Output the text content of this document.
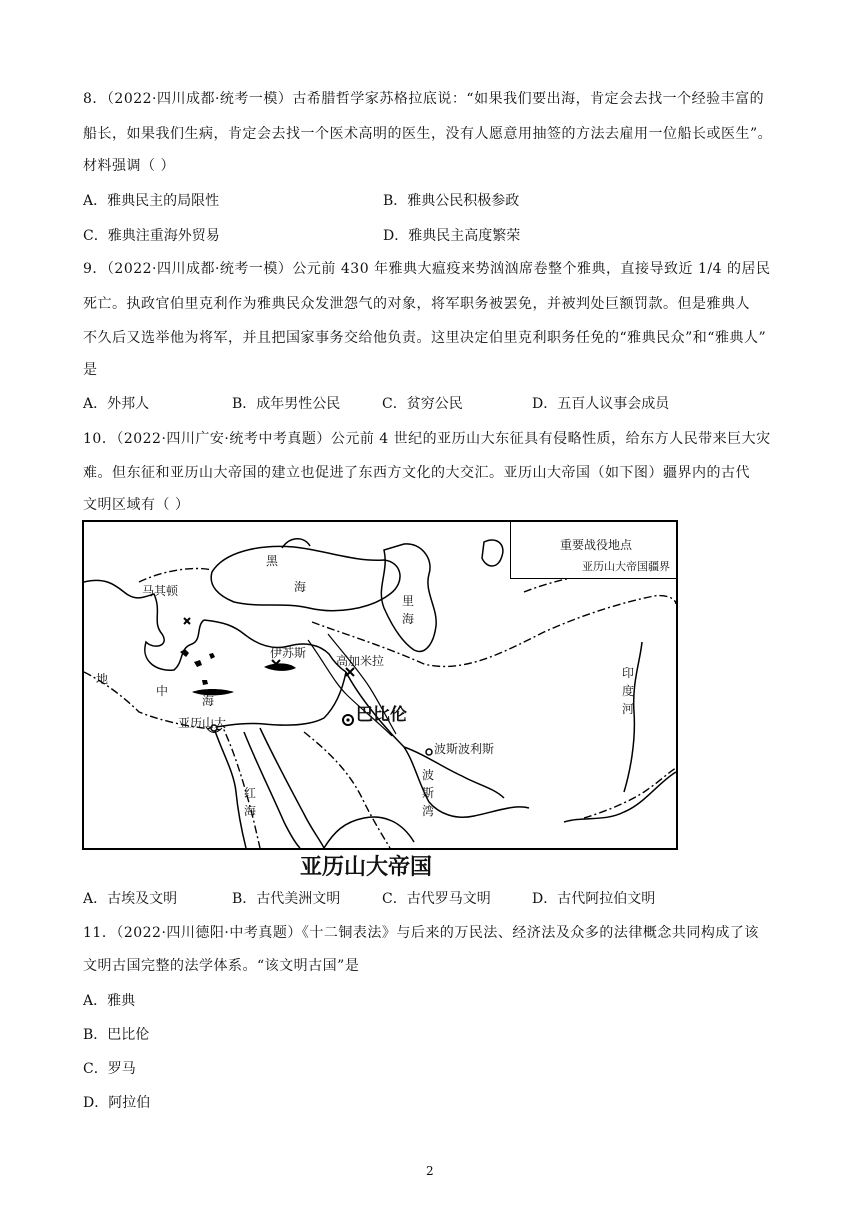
8．（2022·四川成都·统考一模）古希腊哲学家苏格拉底说：“如果我们要出海，肯定会去找一个经验丰富的
船长，如果我们生病，肯定会去找一个医术高明的医生，没有人愿意用抽签的方法去雇用一位船长或医生”。
材料强调（ ）
A．雅典民主的局限性	B．雅典公民积极参政
C．雅典注重海外贸易	D．雅典民主高度繁荣
9．（2022·四川成都·统考一模）公元前 430 年雅典大瘟疫来势汹汹席卷整个雅典，直接导致近 1/4 的居民
死亡。执政官伯里克利作为雅典民众发泄怨气的对象，将军职务被罢免，并被判处巨额罚款。但是雅典人
不久后又选举他为将军，并且把国家事务交给他负责。这里决定伯里克利职务任免的“雅典民众”和“雅典人”
是
A．外邦人	B．成年男性公民	C．贫穷公民	D．五百人议事会成员
10．（2022·四川广安·统考中考真题）公元前 4 世纪的亚历山大东征具有侵略性质，给东方人民带来巨大灾
难。但东征和亚历山大帝国的建立也促进了东西方文化的大交汇。亚历山大帝国（如下图）疆界内的古代
文明区域有（ ）
重要战役地点
亚历山大帝国疆界
马其顿
黑
海
里海
伊苏斯
高加米拉
巴比伦
波斯波利斯
地
中
海
亚历山大
红海
波斯湾
印度河
亚历山大帝国
A．古埃及文明	B．古代美洲文明	C．古代罗马文明	D．古代阿拉伯文明
11．（2022·四川德阳·中考真题）《十二铜表法》与后来的万民法、经济法及众多的法律概念共同构成了该
文明古国完整的法学体系。“该文明古国”是
A．雅典
B．巴比伦
C．罗马
D．阿拉伯
2
